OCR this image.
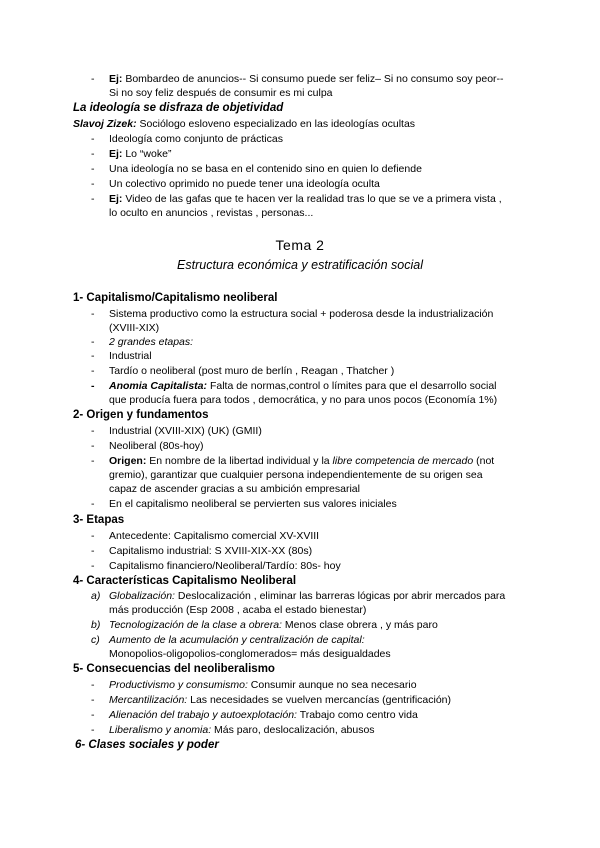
- Ej: Bombardeo de anuncios-- Si consumo puede ser feliz– Si no consumo soy peor--
Si no soy feliz después de consumir es mi culpa
La ideología se disfraza de objetividad
Slavoj Zizek: Sociólogo esloveno especializado en las ideologías ocultas
- Ideología como conjunto de prácticas
- Ej: Lo “woke”
- Una ideología no se basa en el contenido sino en quien lo defiende
- Un colectivo oprimido no puede tener una ideología oculta
- Ej: Video de las gafas que te hacen ver la realidad tras lo que se ve a primera vista ,
lo oculto en anuncios , revistas , personas...
Tema 2
Estructura económica y estratificación social
1- Capitalismo/Capitalismo neoliberal
- Sistema productivo como la estructura social + poderosa desde la industrialización
(XVIII-XIX)
- 2 grandes etapas:
- Industrial
- Tardío o neoliberal (post muro de berlín , Reagan , Thatcher )
- Anomia Capitalista: Falta de normas,control o límites para que el desarrollo social
que producía fuera para todos , democrática, y no para unos pocos (Economía 1%)
2- Origen y fundamentos
- Industrial (XVIII-XIX) (UK) (GMII)
- Neoliberal (80s-hoy)
- Origen: En nombre de la libertad individual y la libre competencia de mercado (not
gremio), garantizar que cualquier persona independientemente de su origen sea
capaz de ascender gracias a su ambición empresarial
- En el capitalismo neoliberal se pervierten sus valores iniciales
3- Etapas
- Antecedente: Capitalismo comercial XV-XVIII
- Capitalismo industrial: S XVIII-XIX-XX (80s)
- Capitalismo financiero/Neoliberal/Tardío: 80s- hoy
4- Características Capitalismo Neoliberal
a) Globalización: Deslocalización , eliminar las barreras lógicas por abrir mercados para
más producción (Esp 2008 , acaba el estado bienestar)
b) Tecnologización de la clase a obrera: Menos clase obrera , y más paro
c) Aumento de la acumulación y centralización de capital:
Monopolios-oligopolios-conglomerados= más desigualdades
5- Consecuencias del neoliberalismo
- Productivismo y consumismo: Consumir aunque no sea necesario
- Mercantilización: Las necesidades se vuelven mercancías (gentrificación)
- Alienación del trabajo y autoexplotación: Trabajo como centro vida
- Liberalismo y anomia: Más paro, deslocalización, abusos
6- Clases sociales y poder
